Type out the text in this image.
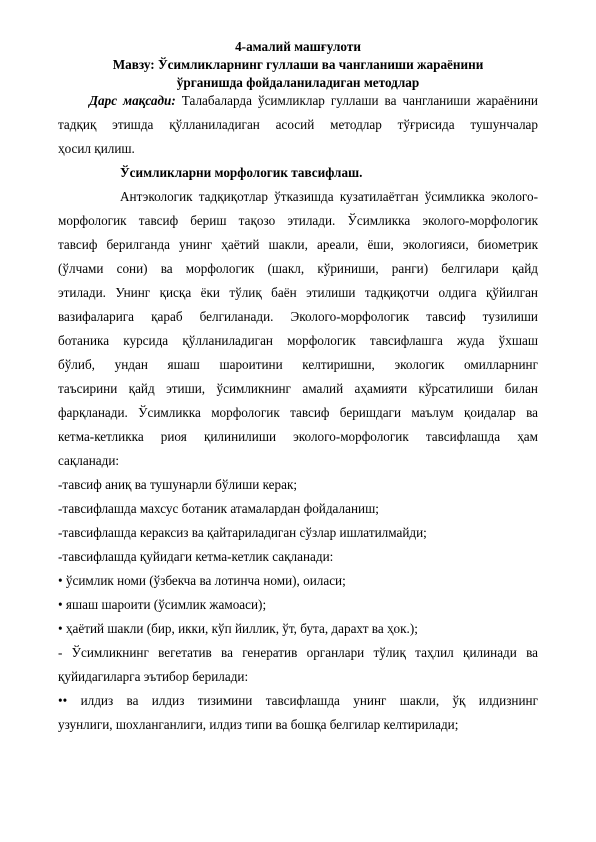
4-амалий машғулоти
Мавзу: Ўсимликларнинг гуллаши ва чангланиши жараёнини
ўрганишда фойдаланиладиган методлар
Дарс мақсади: Талабаларда ўсимликлар гуллаши ва чангланиши жараёнини
тадқиқ этишда қўлланиладиган асосий методлар тўғрисида тушунчалар
ҳосил қилиш.
Ўсимликларни морфологик тавсифлаш.
Антэкологик тадқиқотлар ўтказишда кузатилаётган ўсимликка эколого-
морфологик тавсиф бериш тақозо этилади. Ўсимликка эколого-морфологик
тавсиф берилганда унинг ҳаётий шакли, ареали, ёши, экологияси, биометрик
(ўлчами сони) ва морфологик (шакл, кўриниши, ранги) белгилари қайд
этилади. Унинг қисқа ёки тўлиқ баён этилиши тадқиқотчи олдига қўйилган
вазифаларига қараб белгиланади. Эколого-морфологик тавсиф тузилиши
ботаника курсида қўлланиладиган морфологик тавсифлашга жуда ўхшаш
бўлиб, ундан яшаш шароитини келтиришни, экологик омилларнинг
таъсирини қайд этиши, ўсимликнинг амалий аҳамияти кўрсатилиши билан
фарқланади. Ўсимликка морфологик тавсиф беришдаги маълум қоидалар ва
кетма-кетликка риоя қилинилиши эколого-морфологик тавсифлашда ҳам
сақланади:
-тавсиф аниқ ва тушунарли бўлиши керак;
-тавсифлашда махсус ботаник атамалардан фойдаланиш;
-тавсифлашда кераксиз ва қайтариладиган сўзлар ишлатилмайди;
-тавсифлашда қуйидаги кетма-кетлик сақланади:
• ўсимлик номи (ўзбекча ва лотинча номи), оиласи;
• яшаш шароити (ўсимлик жамоаси);
• ҳаётий шакли (бир, икки, кўп йиллик, ўт, бута, дарахт ва ҳок.);
- Ўсимликнинг вегетатив ва генератив органлари тўлиқ таҳлил қилинади ва
қуйидагиларга эътибор берилади:
•• илдиз ва илдиз тизимини тавсифлашда унинг шакли, ўқ илдизнинг
узунлиги, шохланганлиги, илдиз типи ва бошқа белгилар келтирилади;
